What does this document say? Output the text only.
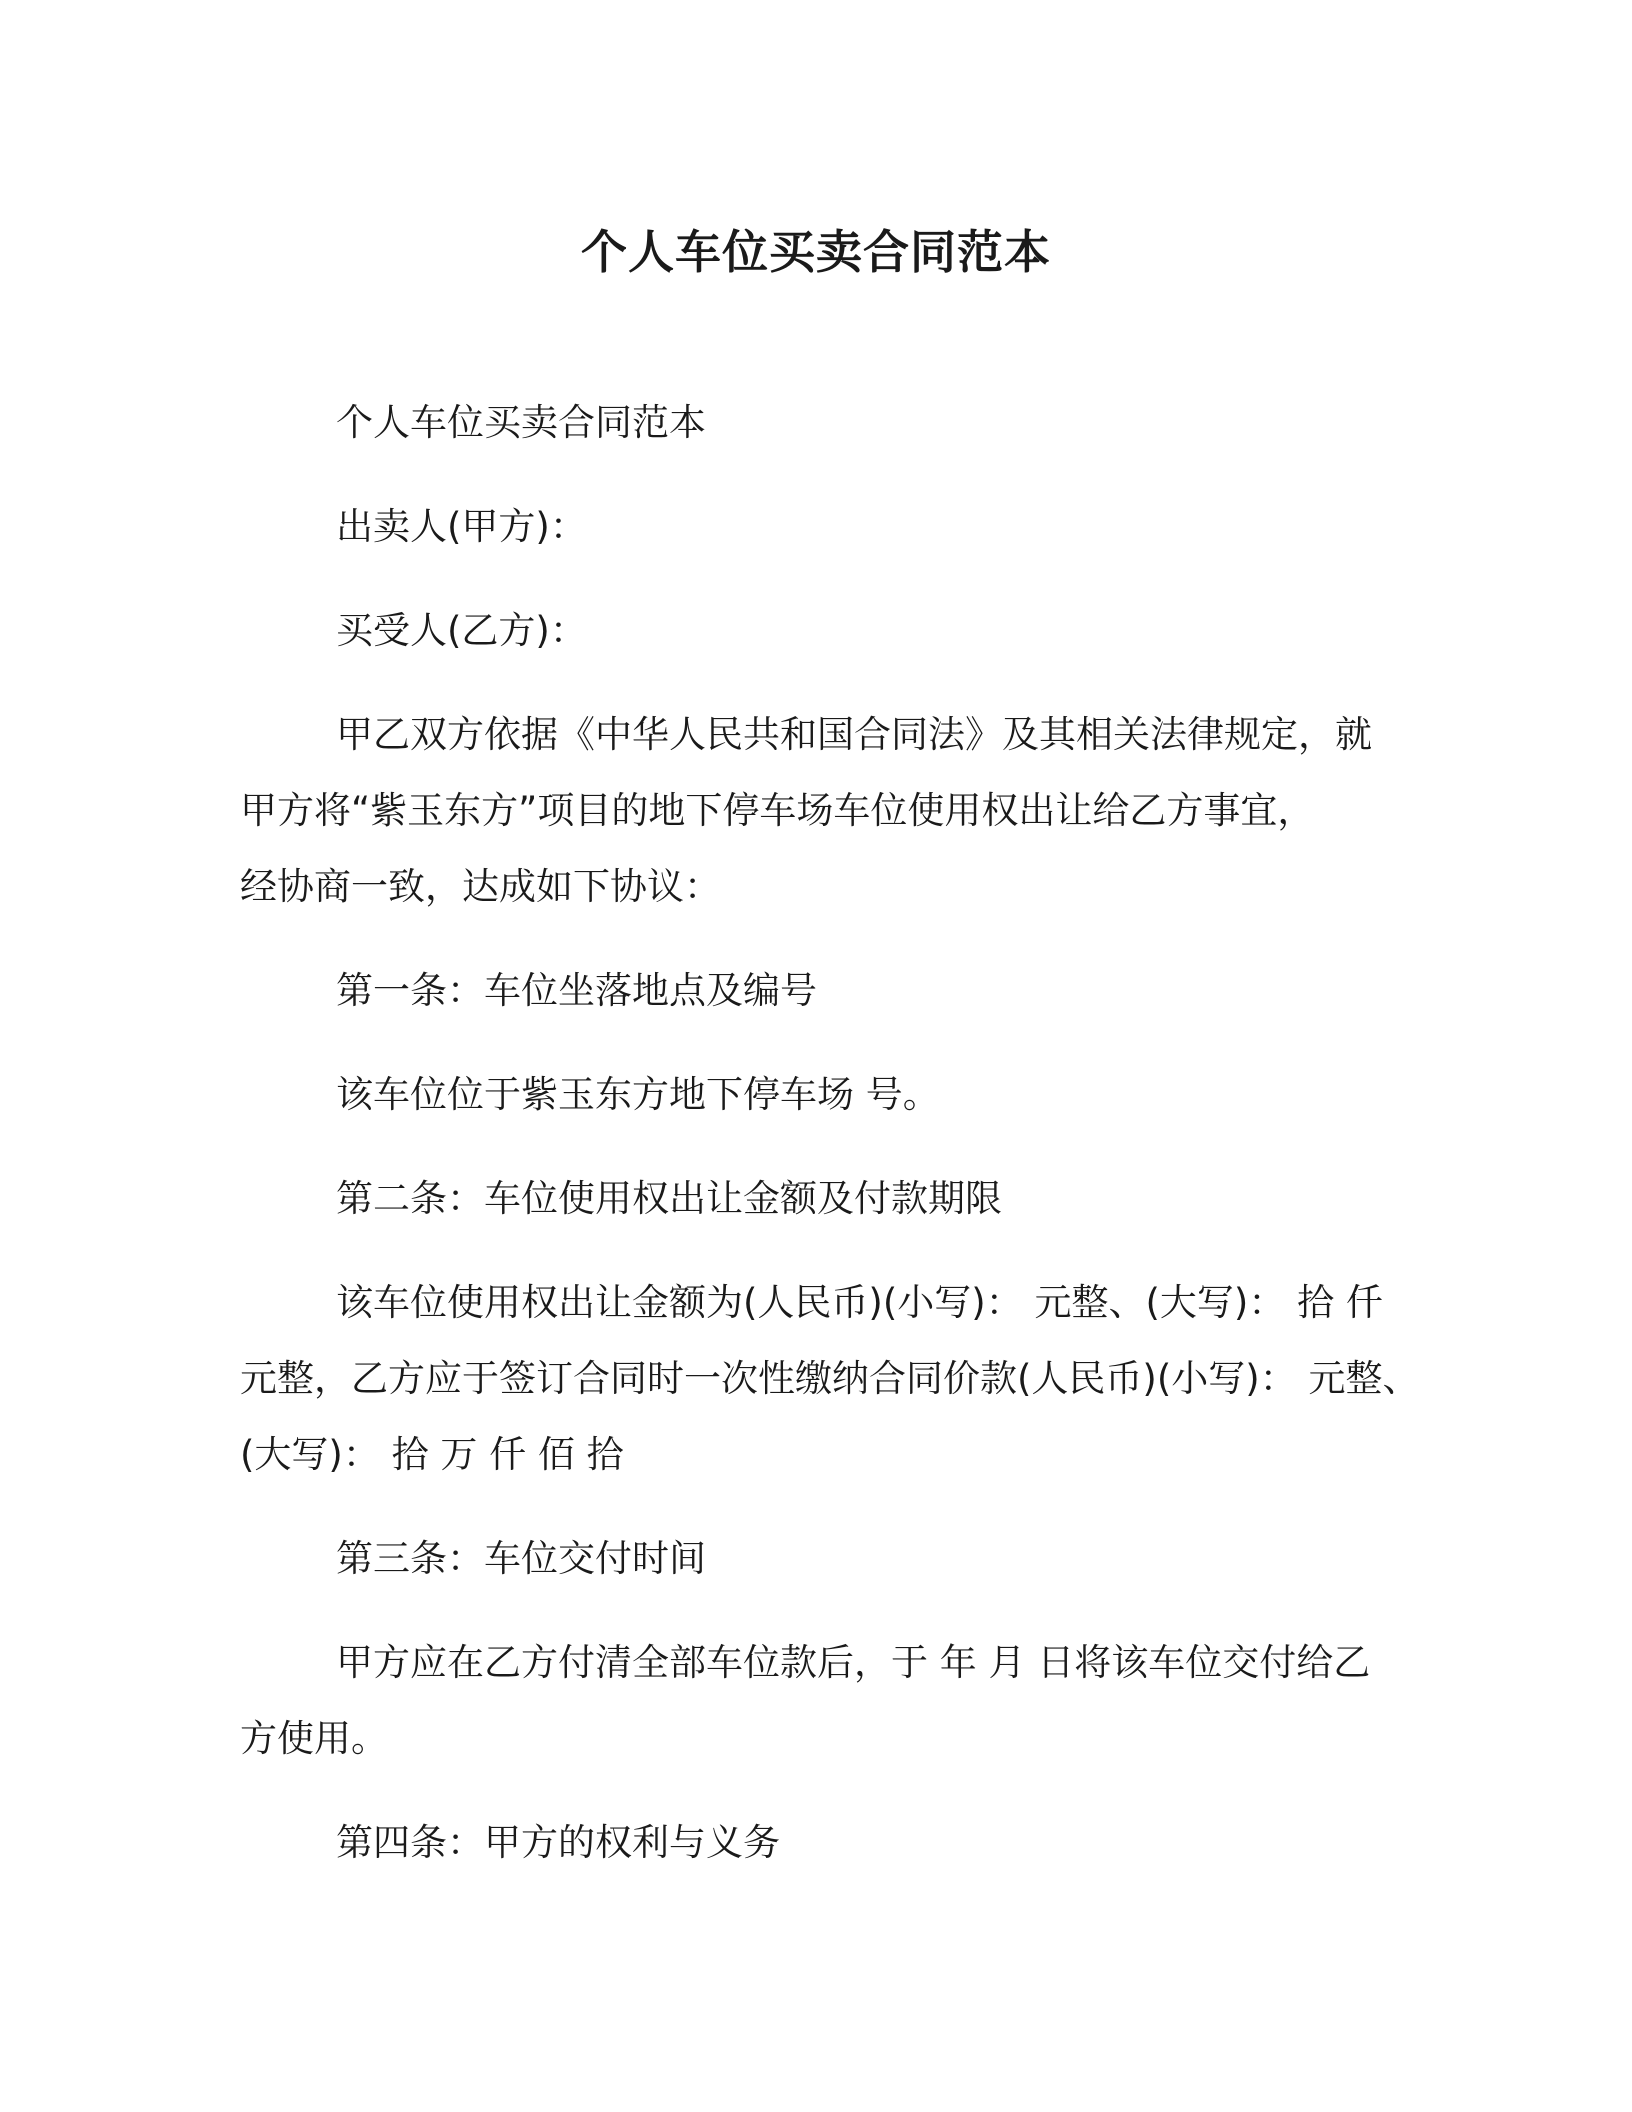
个人车位买卖合同范本
个人车位买卖合同范本
出卖人(甲方)：
买受人(乙方)：
甲乙双方依据《中华人民共和国合同法》及其相关法律规定，就
甲方将“紫玉东方”项目的地下停车场车位使用权出让给乙方事宜，
经协商一致，达成如下协议：
第一条：车位坐落地点及编号
该车位位于紫玉东方地下停车场 号。
第二条：车位使用权出让金额及付款期限
该车位使用权出让金额为(人民币)(小写)： 元整、(大写)： 拾 仟
元整，乙方应于签订合同时一次性缴纳合同价款(人民币)(小写)： 元整、
(大写)： 拾 万 仟 佰 拾
第三条：车位交付时间
甲方应在乙方付清全部车位款后，于 年 月 日将该车位交付给乙
方使用。
第四条：甲方的权利与义务
